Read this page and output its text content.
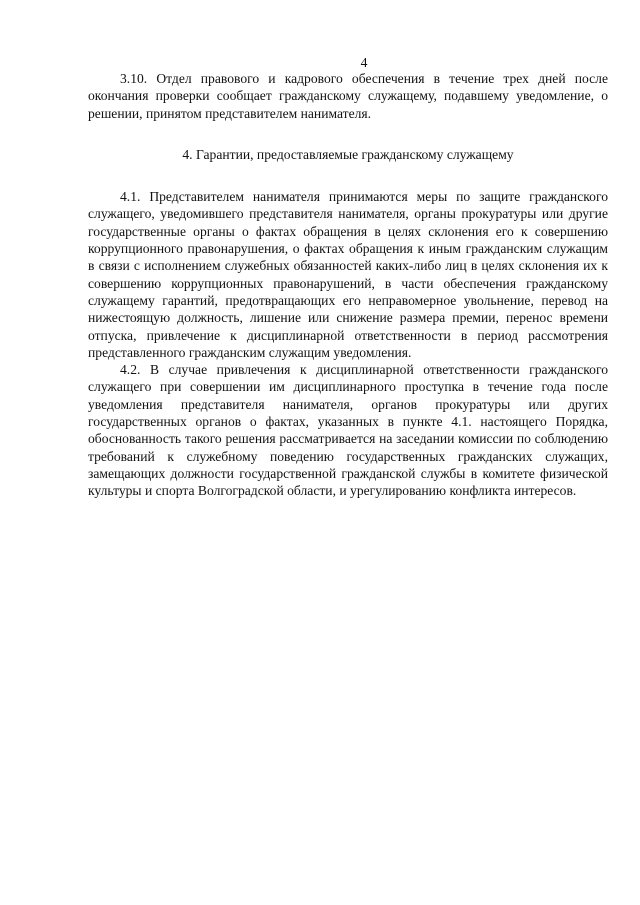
4

3.10. Отдел правового и кадрового обеспечения в течение трех дней после окончания проверки сообщает гражданскому служащему, подавшему уведомление, о решении, принятом представителем нанимателя.

4. Гарантии, предоставляемые гражданскому служащему

4.1. Представителем нанимателя принимаются меры по защите гражданского служащего, уведомившего представителя нанимателя, органы прокуратуры или другие государственные органы о фактах обращения в целях склонения его к совершению коррупционного правонарушения, о фактах обращения к иным гражданским служащим в связи с исполнением служебных обязанностей каких-либо лиц в целях склонения их к совершению коррупционных правонарушений, в части обеспечения гражданскому служащему гарантий, предотвращающих его неправомерное увольнение, перевод на нижестоящую должность, лишение или снижение размера премии, перенос времени отпуска, привлечение к дисциплинарной ответственности в период рассмотрения представленного гражданским служащим уведомления.

4.2. В случае привлечения к дисциплинарной ответственности гражданского служащего при совершении им дисциплинарного проступка в течение года после уведомления представителя нанимателя, органов прокуратуры или других государственных органов о фактах, указанных в пункте 4.1. настоящего Порядка, обоснованность такого решения рассматривается на заседании комиссии по соблюдению требований к служебному поведению государственных гражданских служащих, замещающих должности государственной гражданской службы в комитете физической культуры и спорта Волгоградской области, и урегулированию конфликта интересов.
